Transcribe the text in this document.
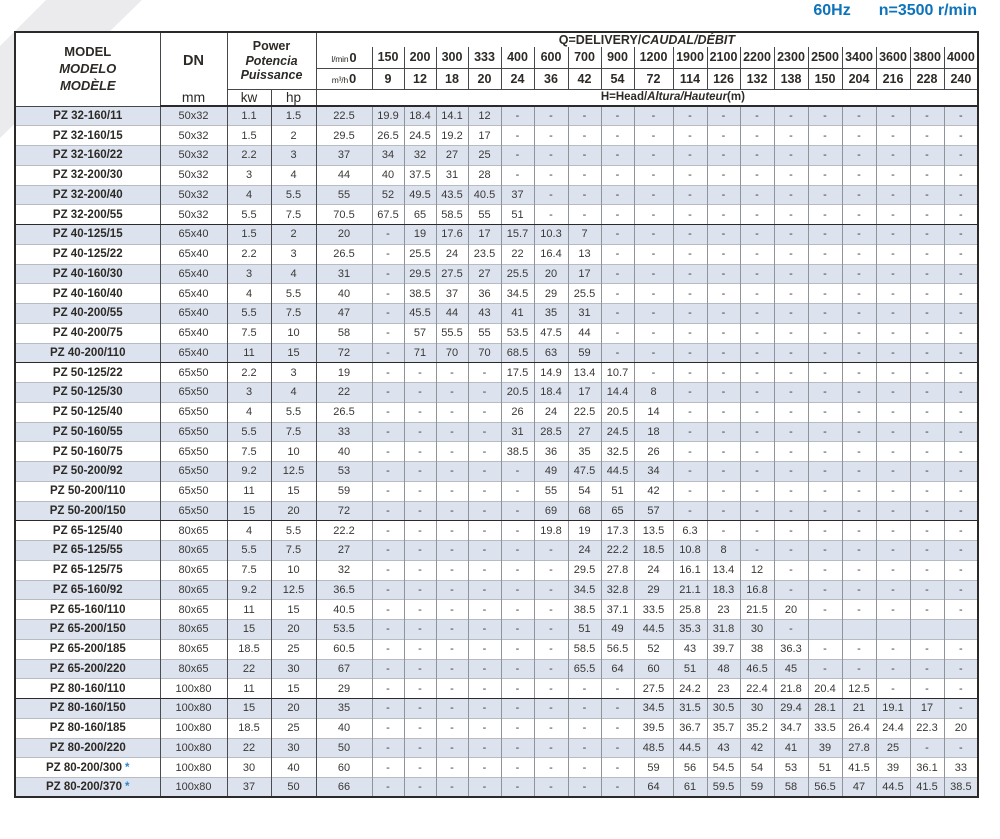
60Hz n=3500 r/min
MODEL
MODELO
MODÈLE	DN	Power
Potencia
Puissance		Q=DELIVERY/CAUDAL/DÉBIT																		
				l/min0	150	200	300	333	400	600	700	900	1200	1900	2100	2200	2300	2500	3400	3600	3800	4000
				m³/h0	9	12	18	20	24	36	42	54	72	114	126	132	138	150	204	216	228	240
	mm	kw	hp	H=Head/Altura/Hauteur(m)																		
PZ 32-160/11	50x32	1.1	1.5	22.5	19.9	18.4	14.1	12	-	-	-	-	-	-	-	-	-	-	-	-	-	-
PZ 32-160/15	50x32	1.5	2	29.5	26.5	24.5	19.2	17	-	-	-	-	-	-	-	-	-	-	-	-	-	-
PZ 32-160/22	50x32	2.2	3	37	34	32	27	25	-	-	-	-	-	-	-	-	-	-	-	-	-	-
PZ 32-200/30	50x32	3	4	44	40	37.5	31	28	-	-	-	-	-	-	-	-	-	-	-	-	-	-
PZ 32-200/40	50x32	4	5.5	55	52	49.5	43.5	40.5	37	-	-	-	-	-	-	-	-	-	-	-	-	-
PZ 32-200/55	50x32	5.5	7.5	70.5	67.5	65	58.5	55	51	-	-	-	-	-	-	-	-	-	-	-	-	-
PZ 40-125/15	65x40	1.5	2	20	-	19	17.6	17	15.7	10.3	7	-	-	-	-	-	-	-	-	-	-	-
PZ 40-125/22	65x40	2.2	3	26.5	-	25.5	24	23.5	22	16.4	13	-	-	-	-	-	-	-	-	-	-	-
PZ 40-160/30	65x40	3	4	31	-	29.5	27.5	27	25.5	20	17	-	-	-	-	-	-	-	-	-	-	-
PZ 40-160/40	65x40	4	5.5	40	-	38.5	37	36	34.5	29	25.5	-	-	-	-	-	-	-	-	-	-	-
PZ 40-200/55	65x40	5.5	7.5	47	-	45.5	44	43	41	35	31	-	-	-	-	-	-	-	-	-	-	-
PZ 40-200/75	65x40	7.5	10	58	-	57	55.5	55	53.5	47.5	44	-	-	-	-	-	-	-	-	-	-	-
PZ 40-200/110	65x40	11	15	72	-	71	70	70	68.5	63	59	-	-	-	-	-	-	-	-	-	-	-
PZ 50-125/22	65x50	2.2	3	19	-	-	-	-	17.5	14.9	13.4	10.7	-	-	-	-	-	-	-	-	-	-
PZ 50-125/30	65x50	3	4	22	-	-	-	-	20.5	18.4	17	14.4	8	-	-	-	-	-	-	-	-	-
PZ 50-125/40	65x50	4	5.5	26.5	-	-	-	-	26	24	22.5	20.5	14	-	-	-	-	-	-	-	-	-
PZ 50-160/55	65x50	5.5	7.5	33	-	-	-	-	31	28.5	27	24.5	18	-	-	-	-	-	-	-	-	-
PZ 50-160/75	65x50	7.5	10	40	-	-	-	-	38.5	36	35	32.5	26	-	-	-	-	-	-	-	-	-
PZ 50-200/92	65x50	9.2	12.5	53	-	-	-	-	-	49	47.5	44.5	34	-	-	-	-	-	-	-	-	-
PZ 50-200/110	65x50	11	15	59	-	-	-	-	-	55	54	51	42	-	-	-	-	-	-	-	-	-
PZ 50-200/150	65x50	15	20	72	-	-	-	-	-	69	68	65	57	-	-	-	-	-	-	-	-	-
PZ 65-125/40	80x65	4	5.5	22.2	-	-	-	-	-	19.8	19	17.3	13.5	6.3	-	-	-	-	-	-	-	-
PZ 65-125/55	80x65	5.5	7.5	27	-	-	-	-	-	-	24	22.2	18.5	10.8	8	-	-	-	-	-	-	-
PZ 65-125/75	80x65	7.5	10	32	-	-	-	-	-	-	29.5	27.8	24	16.1	13.4	12	-	-	-	-	-	-
PZ 65-160/92	80x65	9.2	12.5	36.5	-	-	-	-	-	-	34.5	32.8	29	21.1	18.3	16.8	-	-	-	-	-	-
PZ 65-160/110	80x65	11	15	40.5	-	-	-	-	-	-	38.5	37.1	33.5	25.8	23	21.5	20	-	-	-	-	-
PZ 65-200/150	80x65	15	20	53.5	-	-	-	-	-	-	51	49	44.5	35.3	31.8	30	-					
PZ 65-200/185	80x65	18.5	25	60.5	-	-	-	-	-	-	58.5	56.5	52	43	39.7	38	36.3	-	-	-	-	-
PZ 65-200/220	80x65	22	30	67	-	-	-	-	-	-	65.5	64	60	51	48	46.5	45	-	-	-	-	-
PZ 80-160/110	100x80	11	15	29	-	-	-	-	-	-	-	-	27.5	24.2	23	22.4	21.8	20.4	12.5	-	-	-
PZ 80-160/150	100x80	15	20	35	-	-	-	-	-	-	-	-	34.5	31.5	30.5	30	29.4	28.1	21	19.1	17	-
PZ 80-160/185	100x80	18.5	25	40	-	-	-	-	-	-	-	-	39.5	36.7	35.7	35.2	34.7	33.5	26.4	24.4	22.3	20
PZ 80-200/220	100x80	22	30	50	-	-	-	-	-	-	-	-	48.5	44.5	43	42	41	39	27.8	25	-	-
PZ 80-200/300 *	100x80	30	40	60	-	-	-	-	-	-	-	-	59	56	54.5	54	53	51	41.5	39	36.1	33
PZ 80-200/370 *	100x80	37	50	66	-	-	-	-	-	-	-	-	64	61	59.5	59	58	56.5	47	44.5	41.5	38.5
